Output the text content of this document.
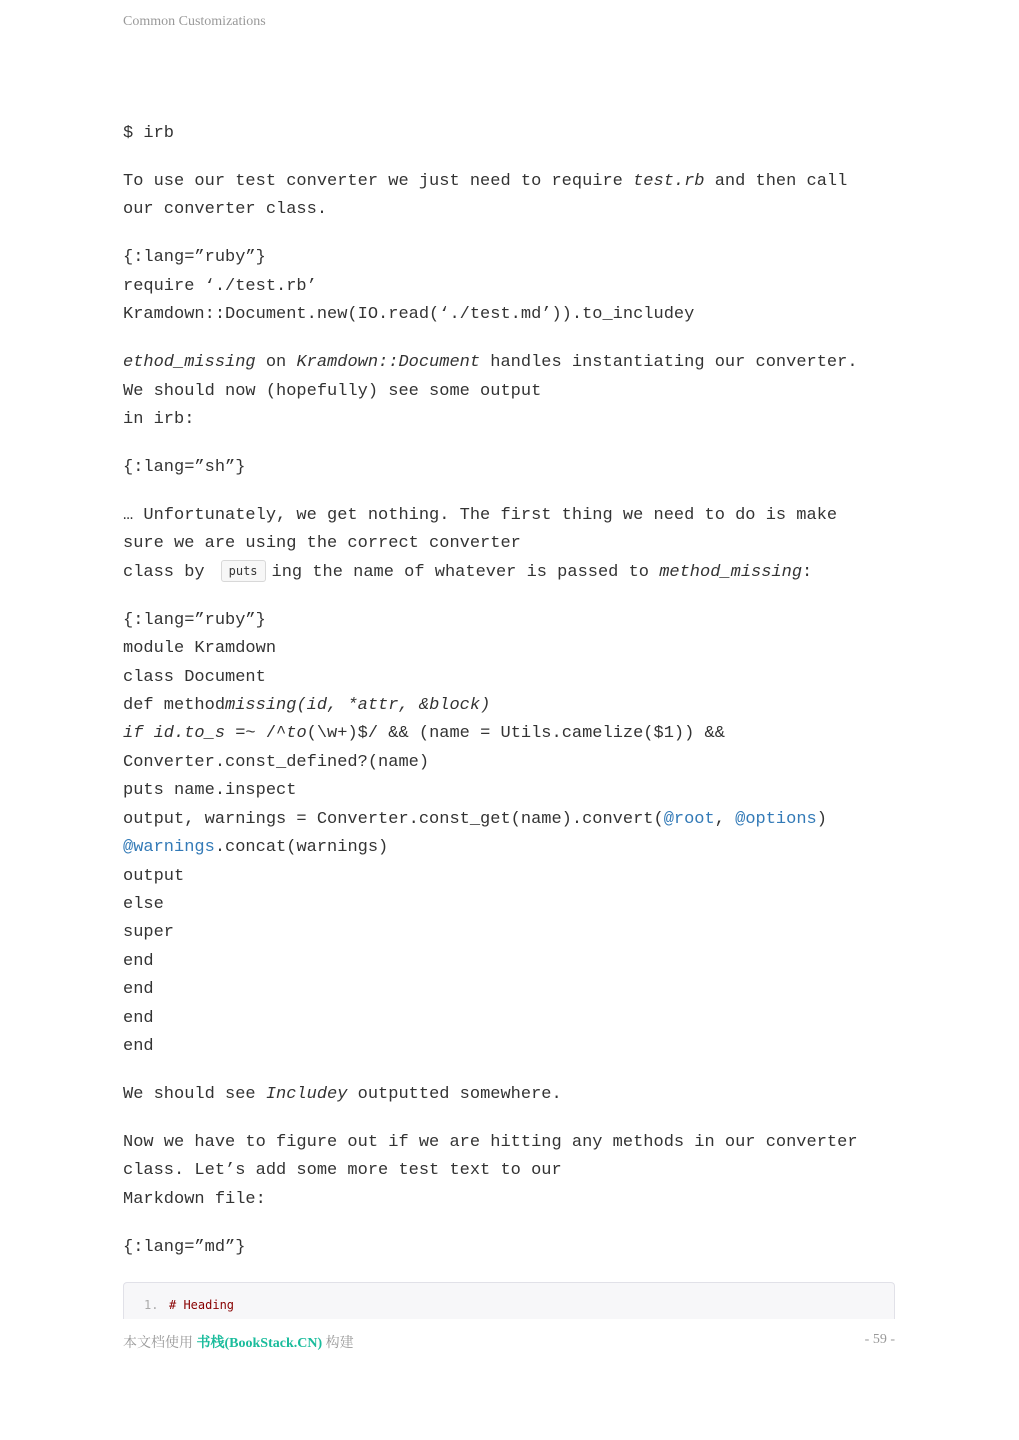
Common Customizations

$ irb

To use our test converter we just need to require test.rb and then call
our converter class.

{:lang=”ruby”}
require ‘./test.rb’
Kramdown::Document.new(IO.read(‘./test.md’)).to_includey

ethod_missing on Kramdown::Document handles instantiating our converter.
We should now (hopefully) see some output
in irb:

{:lang=”sh”}

… Unfortunately, we get nothing. The first thing we need to do is make
sure we are using the correct converter
class by puts ing the name of whatever is passed to method_missing:

{:lang=”ruby”}
module Kramdown
class Document
def methodmissing(id, *attr, &block)
if id.to_s =~ /^to(\w+)$/ && (name = Utils.camelize($1)) &&
Converter.const_defined?(name)
puts name.inspect
output, warnings = Converter.const_get(name).convert(@root, @options)
@warnings.concat(warnings)
output
else
super
end
end
end
end

We should see Includey outputted somewhere.

Now we have to figure out if we are hitting any methods in our converter
class. Let’s add some more test text to our
Markdown file:

{:lang=”md”}

1. # Heading
本文档使用 书栈(BookStack.CN) 构建	- 59 -
